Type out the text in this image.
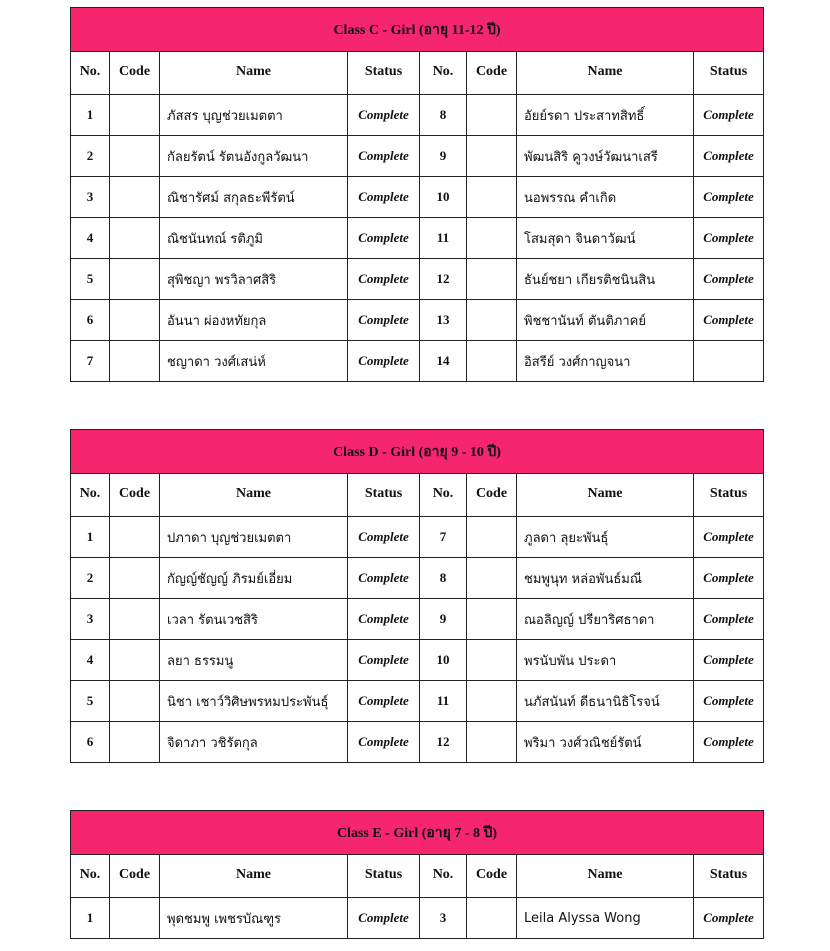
Class C - Girl (อายุ 11-12 ปี)							
No.	Code	Name	Status	No.	Code	Name	Status
1		ภัสสร บุญช่วยเมตตา	Complete	8		อัยย์รดา ประสาทสิทธิ์	Complete
2		กัลยรัตน์ รัตนอังกูลวัฒนา	Complete	9		พัฒนสิริ คูวงษ์วัฒนาเสรี	Complete
3		ณิชารัศม์ สกุลธะพีรัตน์	Complete	10		นอพรรณ คำเกิด	Complete
4		ณิชนันทณ์ รติภูมิ	Complete	11		โสมสุดา จินดาวัฒน์	Complete
5		สุพิชญา พรวิลาศสิริ	Complete	12		ธันย์ชยา เกียรติชนินสิน	Complete
6		อันนา ผ่องหทัยกุล	Complete	13		พิชชานันท์ ตันติภาคย์	Complete
7		ชญาดา วงศ์เสน่ห์	Complete	14		อิสรีย์ วงศ์กาญจนา	
Class D - Girl (อายุ 9 - 10 ปี)							
No.	Code	Name	Status	No.	Code	Name	Status
1		ปภาดา บุญช่วยเมตตา	Complete	7		ภูลดา ลุยะพันธุ์	Complete
2		กัญญ์ชัญญ์ ภิรมย์เอี่ยม	Complete	8		ชมพูนุท หล่อพันธ์มณี	Complete
3		เวลา รัตนเวชสิริ	Complete	9		ณอลิญญ์ ปรียาริศธาดา	Complete
4		ลยา ธรรมนู	Complete	10		พรนับพัน ประดา	Complete
5		นิชา เชาว์วิศิษพรหมประพันธุ์	Complete	11		นภัสนันท์ ดีธนานิธิโรจน์	Complete
6		จิดาภา วชิรัตกุล	Complete	12		พริมา วงศ์วณิชย์รัตน์	Complete
Class E - Girl (อายุ 7 - 8 ปี)							
No.	Code	Name	Status	No.	Code	Name	Status
1		พุดชมพู เพชรบัณฑูร	Complete	3		Leila Alyssa Wong	Complete
